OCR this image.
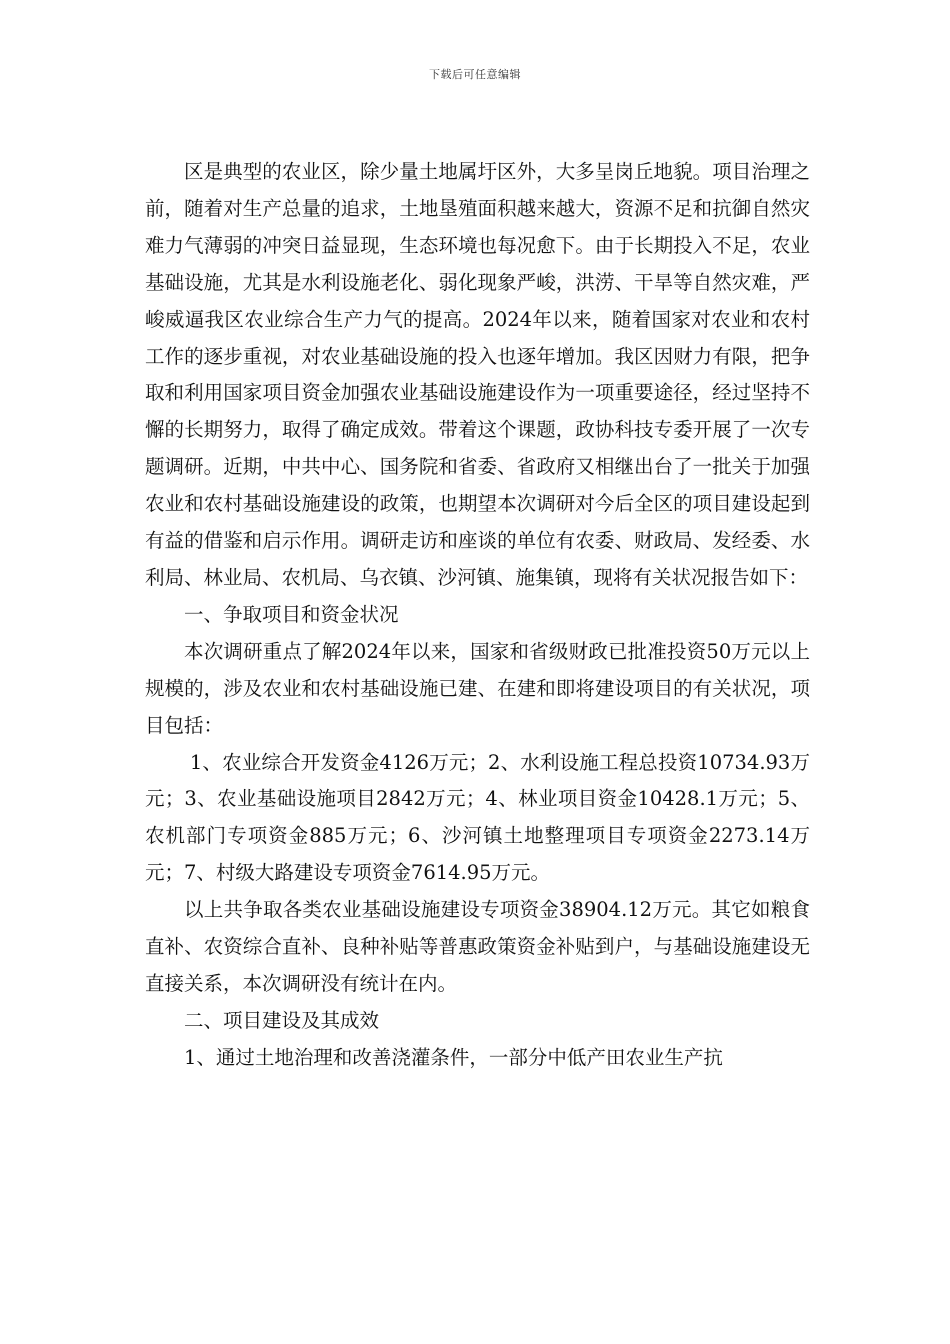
下载后可任意编辑

区是典型的农业区，除少量土地属圩区外，大多呈岗丘地貌。项目治理之前，随着对生产总量的追求，土地垦殖面积越来越大，资源不足和抗御自然灾难力气薄弱的冲突日益显现，生态环境也每况愈下。由于长期投入不足，农业基础设施，尤其是水利设施老化、弱化现象严峻，洪涝、干旱等自然灾难，严峻威逼我区农业综合生产力气的提高。2024年以来，随着国家对农业和农村工作的逐步重视，对农业基础设施的投入也逐年增加。我区因财力有限，把争取和利用国家项目资金加强农业基础设施建设作为一项重要途径，经过坚持不懈的长期努力，取得了确定成效。带着这个课题，政协科技专委开展了一次专题调研。近期，中共中心、国务院和省委、省政府又相继出台了一批关于加强农业和农村基础设施建设的政策，也期望本次调研对今后全区的项目建设起到有益的借鉴和启示作用。调研走访和座谈的单位有农委、财政局、发经委、水利局、林业局、农机局、乌衣镇、沙河镇、施集镇，现将有关状况报告如下：

一、争取项目和资金状况

本次调研重点了解2024年以来，国家和省级财政已批准投资50万元以上规模的，涉及农业和农村基础设施已建、在建和即将建设项目的有关状况，项目包括：

1、农业综合开发资金4126万元；2、水利设施工程总投资10734.93万元；3、农业基础设施项目2842万元；4、林业项目资金10428.1万元；5、农机部门专项资金885万元；6、沙河镇土地整理项目专项资金2273.14万元；7、村级大路建设专项资金7614.95万元。

以上共争取各类农业基础设施建设专项资金38904.12万元。其它如粮食直补、农资综合直补、良种补贴等普惠政策资金补贴到户，与基础设施建设无直接关系，本次调研没有统计在内。

二、项目建设及其成效

1、通过土地治理和改善浇灌条件，一部分中低产田农业生产抗
